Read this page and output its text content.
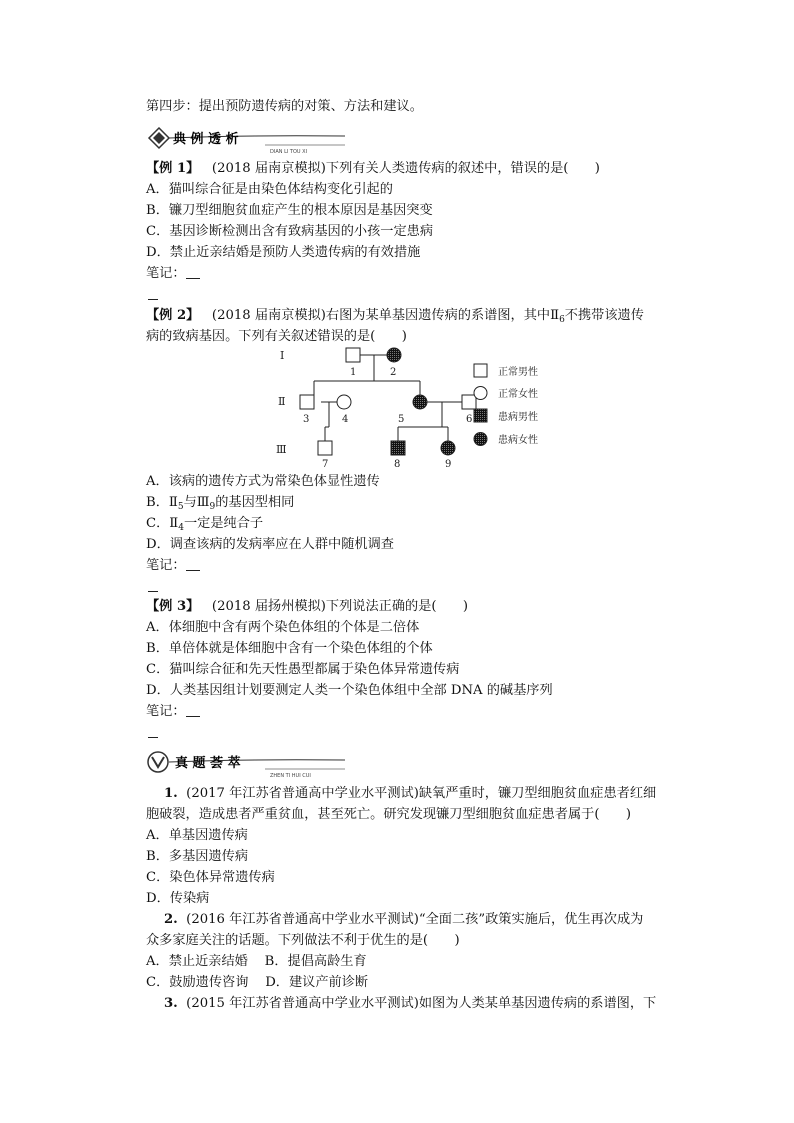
第四步：提出预防遗传病的对策、方法和建议。
典 例 透 析
DIAN LI TOU XI
【例 1】 (2018 届南京模拟)下列有关人类遗传病的叙述中，错误的是(　　)
A．猫叫综合征是由染色体结构变化引起的
B．镰刀型细胞贫血症产生的根本原因是基因突变
C．基因诊断检测出含有致病基因的小孩一定患病
D．禁止近亲结婚是预防人类遗传病的有效措施
笔记：
【例 2】 (2018 届南京模拟)右图为某单基因遗传病的系谱图，其中$Ⅱ_6$不携带该遗传
病的致病基因。下列有关叙述错误的是(　　)
Ⅰ
Ⅱ
Ⅲ
1	2
3	4	5	6
7	8	9
正常男性
正常女性
患病男性
患病女性
A．该病的遗传方式为常染色体显性遗传
B．$Ⅱ_5$与$Ⅲ_9$的基因型相同
C．$Ⅱ_4$一定是纯合子
D．调查该病的发病率应在人群中随机调查
笔记：
【例 3】 (2018 届扬州模拟)下列说法正确的是(　　)
A．体细胞中含有两个染色体组的个体是二倍体
B．单倍体就是体细胞中含有一个染色体组的个体
C．猫叫综合征和先天性愚型都属于染色体异常遗传病
D．人类基因组计划要测定人类一个染色体组中全部 DNA 的碱基序列
笔记：
真 题 荟 萃
ZHEN TI HUI CUI
1. (2017 年江苏省普通高中学业水平测试)缺氧严重时，镰刀型细胞贫血症患者红细
胞破裂，造成患者严重贫血，甚至死亡。研究发现镰刀型细胞贫血症患者属于(　　)
A．单基因遗传病
B．多基因遗传病
C．染色体异常遗传病
D．传染病
2. (2016 年江苏省普通高中学业水平测试)“全面二孩”政策实施后，优生再次成为
众多家庭关注的话题。下列做法不利于优生的是(　　)
A．禁止近亲结婚 B．提倡高龄生育
C．鼓励遗传咨询 D．建议产前诊断
3. (2015 年江苏省普通高中学业水平测试)如图为人类某单基因遗传病的系谱图，下
